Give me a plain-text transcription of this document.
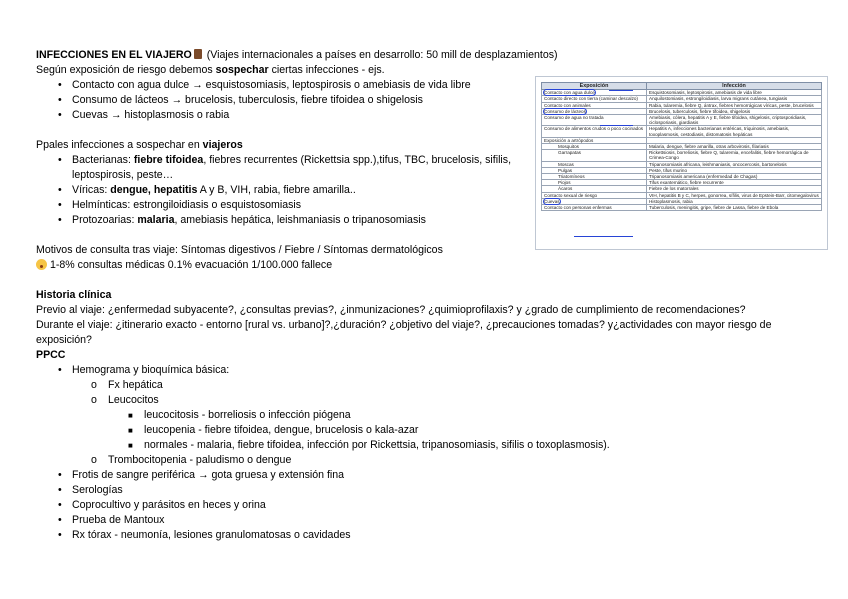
INFECCIONES EN EL VIAJERO (Viajes internacionales a países en desarrollo: 50 mill de desplazamientos)
Según exposición de riesgo debemos sospechar ciertas infecciones - ejs.
• Contacto con agua dulce → esquistosomiasis, leptospirosis o amebiasis de vida libre
• Consumo de lácteos → brucelosis, tuberculosis, fiebre tifoidea o shigelosis
• Cuevas → histoplasmosis o rabia
Ppales infecciones a sospechar en viajeros
• Bacterianas: fiebre tifoidea, fiebres recurrentes (Rickettsia spp.),tifus, TBC, brucelosis, sifilis, leptospirosis, peste…
• Víricas: dengue, hepatitis A y B, VIH, rabia, fiebre amarilla..
• Helmínticas: estrongiloidiasis o esquistosomiasis
• Protozoarias: malaria, amebiasis hepática, leishmaniasis o tripanosomiasis
Motivos de consulta tras viaje: Síntomas digestivos / Fiebre / Síntomas dermatológicos
1-8% consultas médicas 0.1% evacuación 1/100.000 fallece
Historia clínica
Previo al viaje: ¿enfermedad subyacente?, ¿consultas previas?, ¿inmunizaciones? ¿quimioprofilaxis? y ¿grado de cumplimiento de recomendaciones?
Durante el viaje: ¿itinerario exacto - entorno [rural vs. urbano]?,¿duración? ¿objetivo del viaje?, ¿precauciones tomadas? y¿actividades con mayor riesgo de exposición?
PPCC
• Hemograma y bioquímica básica:
o Fx hepática
o Leucocitos
■ leucocitosis - borreliosis o infección piógena
■ leucopenia - fiebre tifoidea, dengue, brucelosis o kala-azar
■ normales - malaria, fiebre tifoidea, infección por Rickettsia, tripanosomiasis, sifilis o toxoplasmosis).
o Trombocitopenia - paludismo o dengue
• Frotis de sangre periférica → gota gruesa y extensión fina
• Serologías
• Coprocultivo y parásitos en heces y orina
• Prueba de Mantoux
• Rx tórax - neumonía, lesiones granulomatosas o cavidades
Exposición	Infección
Contacto con agua dulce	Esquistosomiasis, leptospirosis, amebiasis de vida libre
Contacto directo con tierra (caminar descalzo)	Anquilostomiasis, estrongiloidiasis, larva migrans cutánea, tungiasis
Contacto con animales	Rabia, tularemia, fiebre Q, ántrax, fiebres hemorrágicas víricas, peste, brucelosis
Consumo de lácteos	Brucelosis, tuberculosis, fiebre tifoidea, shigelosis
Consumo de agua no tratada	Amebiasis, cólera, hepatitis A y E, fiebre tifoidea, shigelosis, criptosporidiasis, ciclosporiasis, giardiasis
Consumo de alimentos crudos o poco cocinados	Hepatitis A, infecciones bacterianas entéricas, triquinosis, amebiasis, toxoplasmosis, cestodiasis, distomatosis hepáticas
Exposición a artrópodos	
Mosquitos	Malaria, dengue, fiebre amarilla, otras arbovirosis, filariasis
Garrapatas	Rickettsiosis, borreliosis, fiebre Q, tularemia, encefalitis, fiebre hemorrágica de Crimea-Congo
Moscas	Tripanosomiasis africana, leishmaniasis, oncocercosis, bartonelosis
Pulgas	Peste, tifus murino
Triatomíneos	Tripanosomiasis americana (enfermedad de Chagas)
Piojos	Tifus exantemático, fiebre recurrente
Ácaros	Fiebre de los matorrales
Contacto sexual de riesgo	VIH, hepatitis B y C, herpes, gonorrea, sífilis, virus de Epstein-Barr, citomegalovirus
Cuevas	Histoplasmosis, rabia
Contacto con personas enfermas	Tuberculosis, meningitis, gripe, fiebre de Lassa, fiebre de Ebola
